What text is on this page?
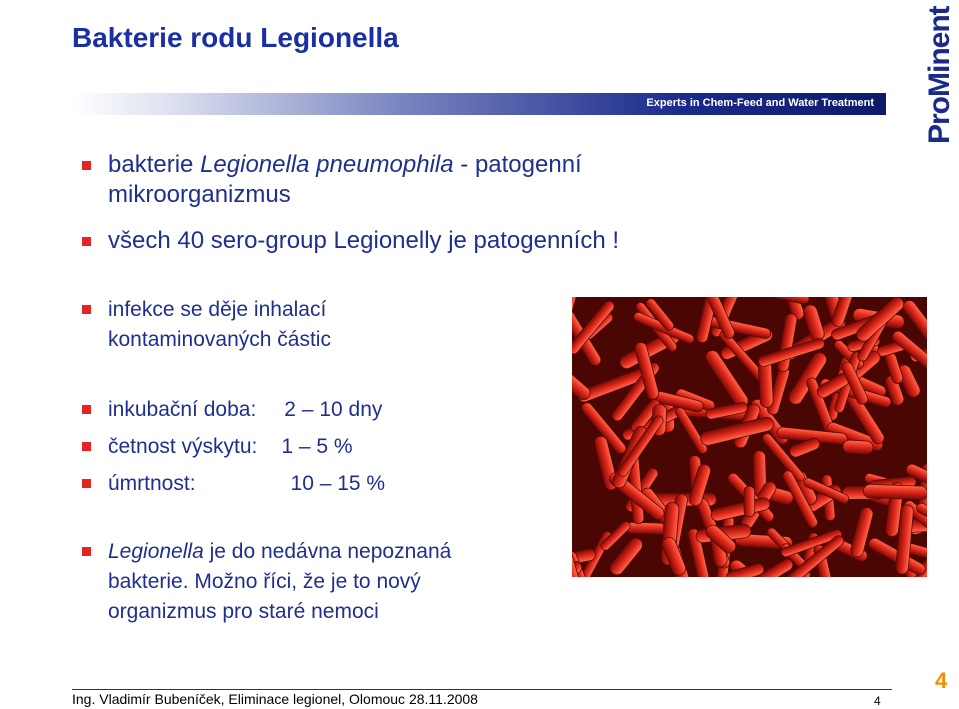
Bakterie rodu Legionella
Experts in Chem-Feed and Water Treatment ProMinent
bakterie Legionella pneumophila - patogenní
mikroorganizmus
všech 40 sero-group Legionelly je patogenních !
infekce se děje inhalací
kontaminovaných částic
inkubační doba: 2 – 10 dny
četnost výskytu: 1 – 5 %
úmrtnost:	10 – 15 %
Legionella je do nedávna nepoznaná
bakterie. Možno říci, že je to nový
organizmus pro staré nemoci
Ing. Vladimír Bubeníček, Eliminace legionel, Olomouc 28.11.2008	4
4
